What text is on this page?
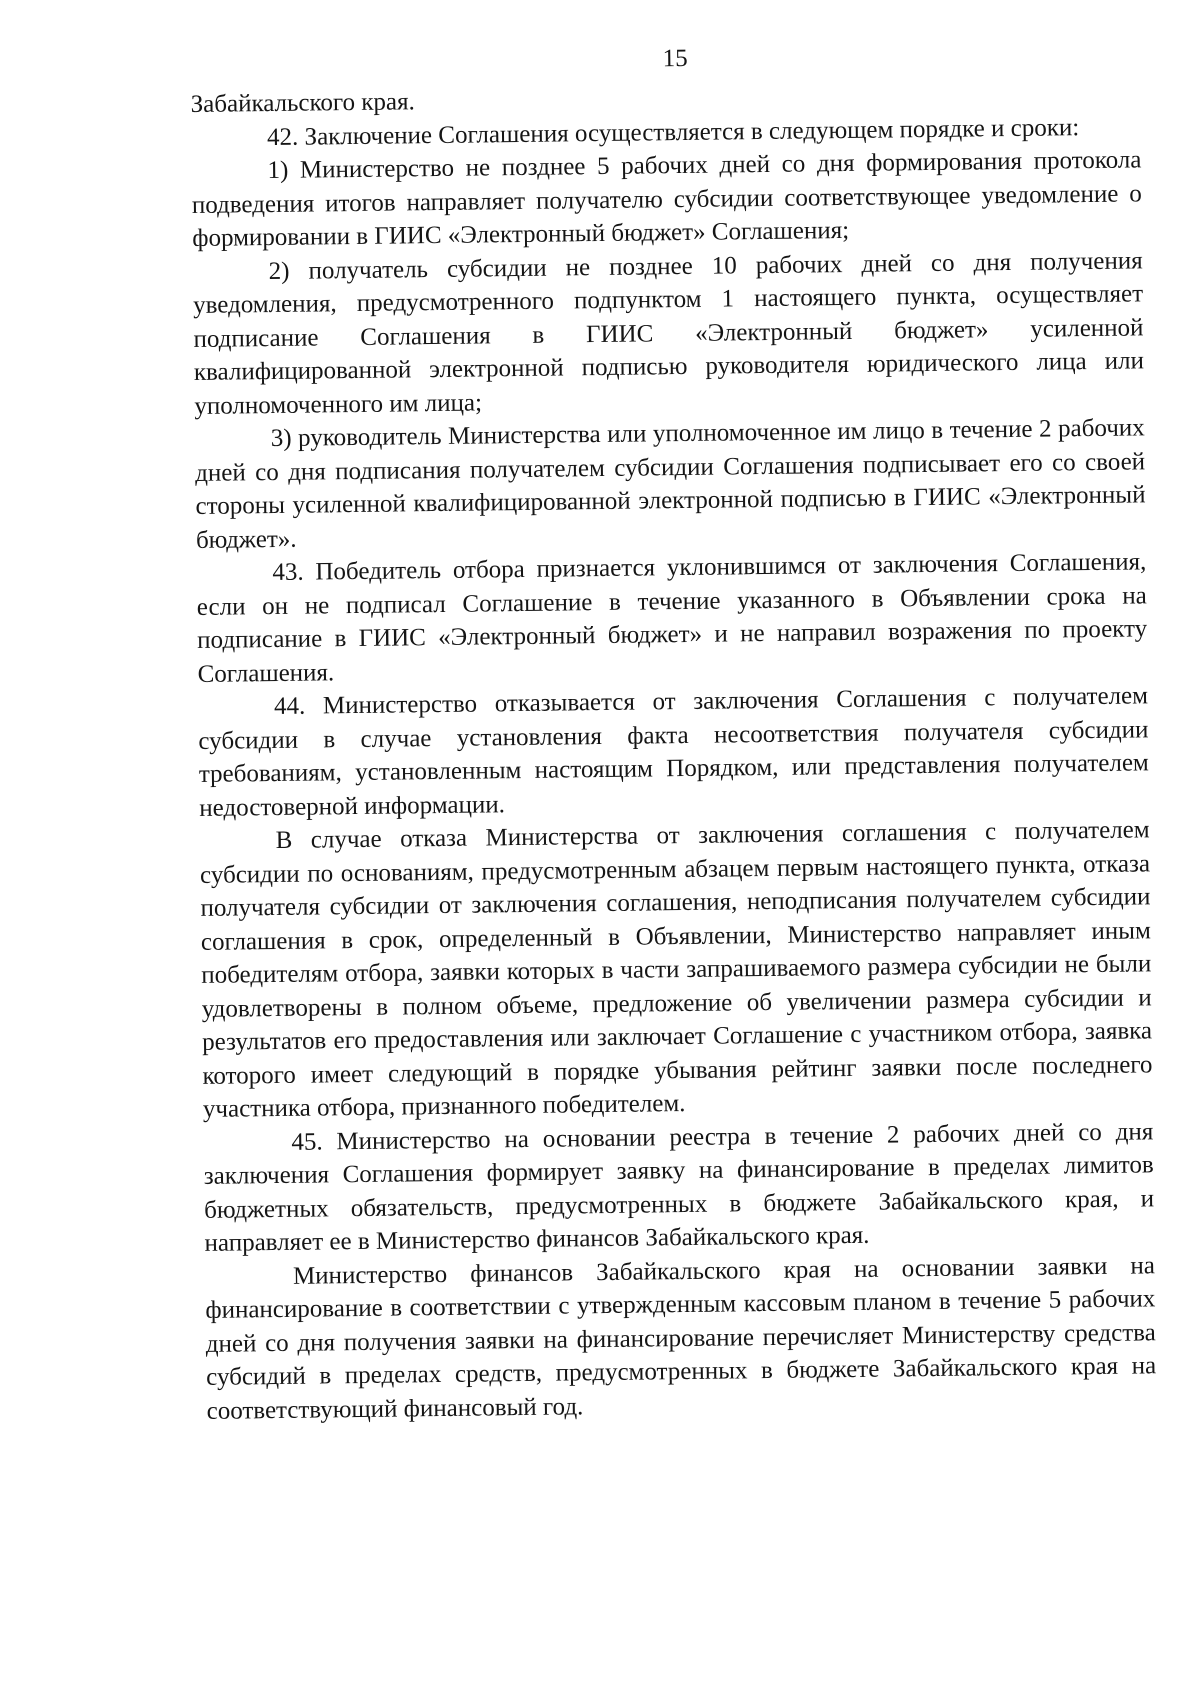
15

Забайкальского края.

42. Заключение Соглашения осуществляется в следующем порядке и сроки:

1) Министерство не позднее 5 рабочих дней со дня формирования протокола подведения итогов направляет получателю субсидии соответствующее уведомление о формировании в ГИИС «Электронный бюджет» Соглашения;

2) получатель субсидии не позднее 10 рабочих дней со дня получения уведомления, предусмотренного подпунктом 1 настоящего пункта, осуществляет подписание Соглашения в ГИИС «Электронный бюджет» усиленной квалифицированной электронной подписью руководителя юридического лица или уполномоченного им лица;

3) руководитель Министерства или уполномоченное им лицо в течение 2 рабочих дней со дня подписания получателем субсидии Соглашения подписывает его со своей стороны усиленной квалифицированной электронной подписью в ГИИС «Электронный бюджет».

43. Победитель отбора признается уклонившимся от заключения Соглашения, если он не подписал Соглашение в течение указанного в Объявлении срока на подписание в ГИИС «Электронный бюджет» и не направил возражения по проекту Соглашения.

44. Министерство отказывается от заключения Соглашения с получателем субсидии в случае установления факта несоответствия получателя субсидии требованиям, установленным настоящим Порядком, или представления получателем недостоверной информации.

В случае отказа Министерства от заключения соглашения с получателем субсидии по основаниям, предусмотренным абзацем первым настоящего пункта, отказа получателя субсидии от заключения соглашения, неподписания получателем субсидии соглашения в срок, определенный в Объявлении, Министерство направляет иным победителям отбора, заявки которых в части запрашиваемого размера субсидии не были удовлетворены в полном объеме, предложение об увеличении размера субсидии и результатов его предоставления или заключает Соглашение с участником отбора, заявка которого имеет следующий в порядке убывания рейтинг заявки после последнего участника отбора, признанного победителем.

45. Министерство на основании реестра в течение 2 рабочих дней со дня заключения Соглашения формирует заявку на финансирование в пределах лимитов бюджетных обязательств, предусмотренных в бюджете Забайкальского края, и направляет ее в Министерство финансов Забайкальского края.

Министерство финансов Забайкальского края на основании заявки на финансирование в соответствии с утвержденным кассовым планом в течение 5 рабочих дней со дня получения заявки на финансирование перечисляет Министерству средства субсидий в пределах средств, предусмотренных в бюджете Забайкальского края на соответствующий финансовый год.
